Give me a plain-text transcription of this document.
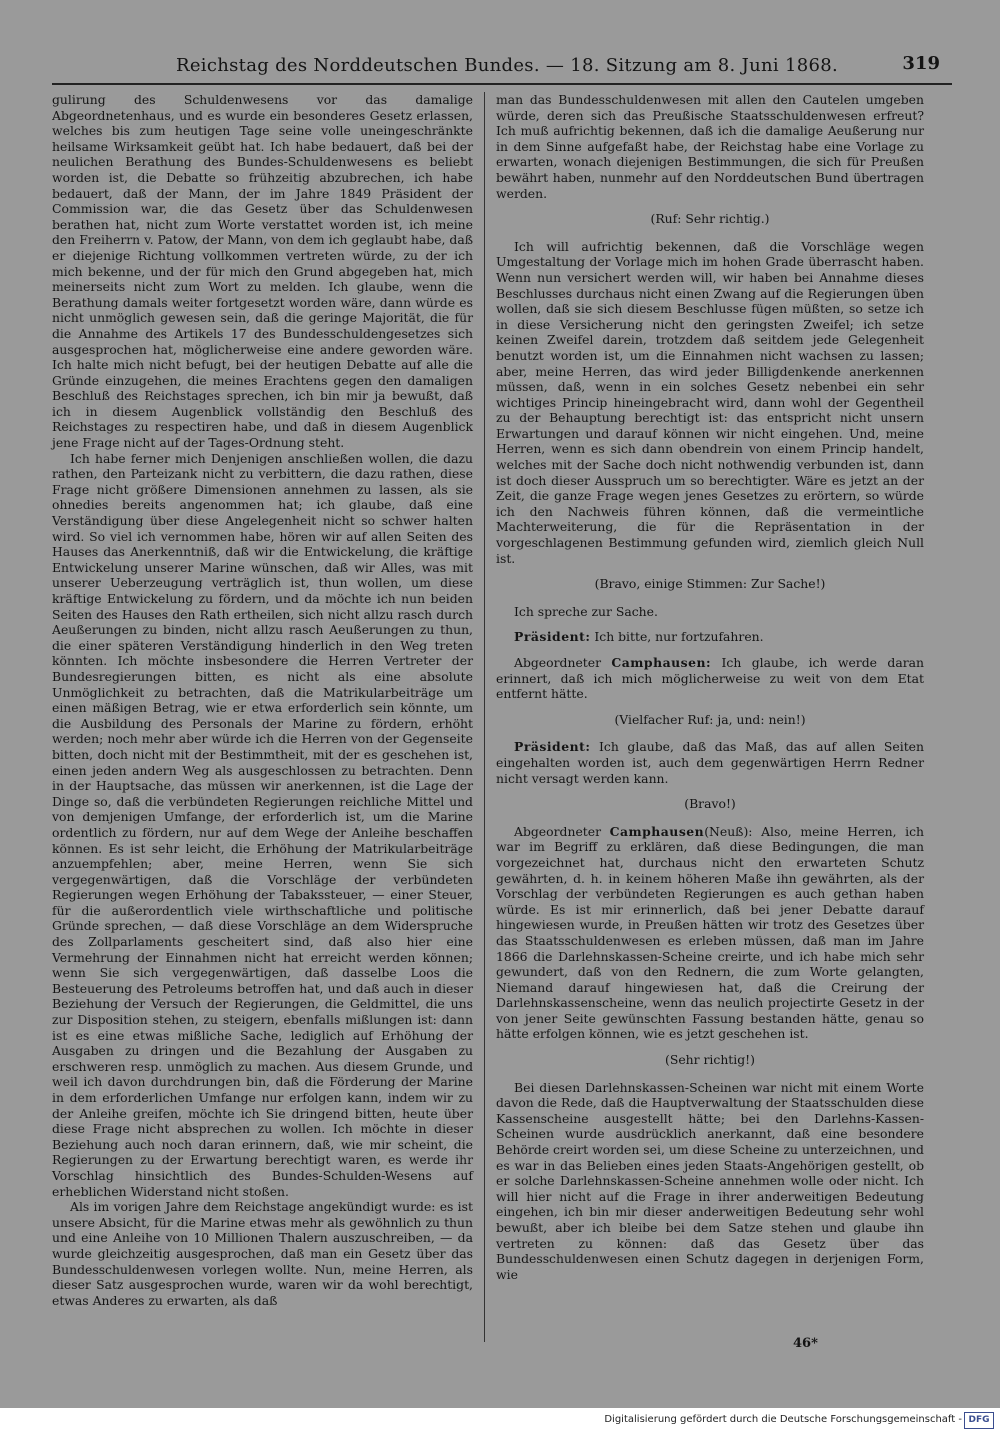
Reichstag des Norddeutschen Bundes. — 18. Sitzung am 8. Juni 1868.	319

gulirung des Schuldenwesens vor das damalige Abgeordnetenhaus, und es wurde ein besonderes Gesetz erlassen, welches bis zum heutigen Tage seine volle uneingeschränkte heilsame Wirksamkeit geübt hat. Ich habe bedauert, daß bei der neulichen Berathung des Bundes-Schuldenwesens es beliebt worden ist, die Debatte so frühzeitig abzubrechen, ich habe bedauert, daß der Mann, der im Jahre 1849 Präsident der Commission war, die das Gesetz über das Schuldenwesen berathen hat, nicht zum Worte verstattet worden ist, ich meine den Freiherrn v. Patow, der Mann, von dem ich geglaubt habe, daß er diejenige Richtung vollkommen vertreten würde, zu der ich mich bekenne, und der für mich den Grund abgegeben hat, mich meinerseits nicht zum Wort zu melden. Ich glaube, wenn die Berathung damals weiter fortgesetzt worden wäre, dann würde es nicht unmöglich gewesen sein, daß die geringe Majorität, die für die Annahme des Artikels 17 des Bundesschuldengesetzes sich ausgesprochen hat, möglicherweise eine andere geworden wäre. Ich halte mich nicht befugt, bei der heutigen Debatte auf alle die Gründe einzugehen, die meines Erachtens gegen den damaligen Beschluß des Reichstages sprechen, ich bin mir ja bewußt, daß ich in diesem Augenblick vollständig den Beschluß des Reichstages zu respectiren habe, und daß in diesem Augenblick jene Frage nicht auf der Tages-Ordnung steht.

Ich habe ferner mich Denjenigen anschließen wollen, die dazu rathen, den Parteizank nicht zu verbittern, die dazu rathen, diese Frage nicht größere Dimensionen annehmen zu lassen, als sie ohnedies bereits angenommen hat; ich glaube, daß eine Verständigung über diese Angelegenheit nicht so schwer halten wird. So viel ich vernommen habe, hören wir auf allen Seiten des Hauses das Anerkenntniß, daß wir die Entwickelung, die kräftige Entwickelung unserer Marine wünschen, daß wir Alles, was mit unserer Ueberzeugung verträglich ist, thun wollen, um diese kräftige Entwickelung zu fördern, und da möchte ich nun beiden Seiten des Hauses den Rath ertheilen, sich nicht allzu rasch durch Aeußerungen zu binden, nicht allzu rasch Aeußerungen zu thun, die einer späteren Verständigung hinderlich in den Weg treten könnten. Ich möchte insbesondere die Herren Vertreter der Bundesregierungen bitten, es nicht als eine absolute Unmöglichkeit zu betrachten, daß die Matrikularbeiträge um einen mäßigen Betrag, wie er etwa erforderlich sein könnte, um die Ausbildung des Personals der Marine zu fördern, erhöht werden; noch mehr aber würde ich die Herren von der Gegenseite bitten, doch nicht mit der Bestimmtheit, mit der es geschehen ist, einen jeden andern Weg als ausgeschlossen zu betrachten. Denn in der Hauptsache, das müssen wir anerkennen, ist die Lage der Dinge so, daß die verbündeten Regierungen reichliche Mittel und von demjenigen Umfange, der erforderlich ist, um die Marine ordentlich zu fördern, nur auf dem Wege der Anleihe beschaffen können. Es ist sehr leicht, die Erhöhung der Matrikularbeiträge anzuempfehlen; aber, meine Herren, wenn Sie sich vergegenwärtigen, daß die Vorschläge der verbündeten Regierungen wegen Erhöhung der Tabakssteuer, — einer Steuer, für die außerordentlich viele wirthschaftliche und politische Gründe sprechen, — daß diese Vorschläge an dem Widerspruche des Zollparlaments gescheitert sind, daß also hier eine Vermehrung der Einnahmen nicht hat erreicht werden können; wenn Sie sich vergegenwärtigen, daß dasselbe Loos die Besteuerung des Petroleums betroffen hat, und daß auch in dieser Beziehung der Versuch der Regierungen, die Geldmittel, die uns zur Disposition stehen, zu steigern, ebenfalls mißlungen ist: dann ist es eine etwas mißliche Sache, lediglich auf Erhöhung der Ausgaben zu dringen und die Bezahlung der Ausgaben zu erschweren resp. unmöglich zu machen. Aus diesem Grunde, und weil ich davon durchdrungen bin, daß die Förderung der Marine in dem erforderlichen Umfange nur erfolgen kann, indem wir zu der Anleihe greifen, möchte ich Sie dringend bitten, heute über diese Frage nicht absprechen zu wollen. Ich möchte in dieser Beziehung auch noch daran erinnern, daß, wie mir scheint, die Regierungen zu der Erwartung berechtigt waren, es werde ihr Vorschlag hinsichtlich des Bundes-Schulden-Wesens auf erheblichen Widerstand nicht stoßen.

Als im vorigen Jahre dem Reichstage angekündigt wurde: es ist unsere Absicht, für die Marine etwas mehr als gewöhnlich zu thun und eine Anleihe von 10 Millionen Thalern auszuschreiben, — da wurde gleichzeitig ausgesprochen, daß man ein Gesetz über das Bundesschuldenwesen vorlegen wollte. Nun, meine Herren, als dieser Satz ausgesprochen wurde, waren wir da wohl berechtigt, etwas Anderes zu erwarten, als daß

man das Bundesschuldenwesen mit allen den Cautelen umgeben würde, deren sich das Preußische Staatsschuldenwesen erfreut? Ich muß aufrichtig bekennen, daß ich die damalige Aeußerung nur in dem Sinne aufgefaßt habe, der Reichstag habe eine Vorlage zu erwarten, wonach diejenigen Bestimmungen, die sich für Preußen bewährt haben, nunmehr auf den Norddeutschen Bund übertragen werden.

(Ruf: Sehr richtig.)

Ich will aufrichtig bekennen, daß die Vorschläge wegen Umgestaltung der Vorlage mich im hohen Grade überrascht haben. Wenn nun versichert werden will, wir haben bei Annahme dieses Beschlusses durchaus nicht einen Zwang auf die Regierungen üben wollen, daß sie sich diesem Beschlusse fügen müßten, so setze ich in diese Versicherung nicht den geringsten Zweifel; ich setze keinen Zweifel darein, trotzdem daß seitdem jede Gelegenheit benutzt worden ist, um die Einnahmen nicht wachsen zu lassen; aber, meine Herren, das wird jeder Billigdenkende anerkennen müssen, daß, wenn in ein solches Gesetz nebenbei ein sehr wichtiges Princip hineingebracht wird, dann wohl der Gegentheil zu der Behauptung berechtigt ist: das entspricht nicht unsern Erwartungen und darauf können wir nicht eingehen. Und, meine Herren, wenn es sich dann obendrein von einem Princip handelt, welches mit der Sache doch nicht nothwendig verbunden ist, dann ist doch dieser Ausspruch um so berechtigter. Wäre es jetzt an der Zeit, die ganze Frage wegen jenes Gesetzes zu erörtern, so würde ich den Nachweis führen können, daß die vermeintliche Machterweiterung, die für die Repräsentation in der vorgeschlagenen Bestimmung gefunden wird, ziemlich gleich Null ist.

(Bravo, einige Stimmen: Zur Sache!)

Ich spreche zur Sache.

Präsident: Ich bitte, nur fortzufahren.

Abgeordneter Camphausen: Ich glaube, ich werde daran erinnert, daß ich mich möglicherweise zu weit von dem Etat entfernt hätte.

(Vielfacher Ruf: ja, und: nein!)

Präsident: Ich glaube, daß das Maß, das auf allen Seiten eingehalten worden ist, auch dem gegenwärtigen Herrn Redner nicht versagt werden kann.

(Bravo!)

Abgeordneter Camphausen(Neuß): Also, meine Herren, ich war im Begriff zu erklären, daß diese Bedingungen, die man vorgezeichnet hat, durchaus nicht den erwarteten Schutz gewährten, d. h. in keinem höheren Maße ihn gewährten, als der Vorschlag der verbündeten Regierungen es auch gethan haben würde. Es ist mir erinnerlich, daß bei jener Debatte darauf hingewiesen wurde, in Preußen hätten wir trotz des Gesetzes über das Staatsschuldenwesen es erleben müssen, daß man im Jahre 1866 die Darlehnskassen-Scheine creirte, und ich habe mich sehr gewundert, daß von den Rednern, die zum Worte gelangten, Niemand darauf hingewiesen hat, daß die Creirung der Darlehnskassenscheine, wenn das neulich projectirte Gesetz in der von jener Seite gewünschten Fassung bestanden hätte, genau so hätte erfolgen können, wie es jetzt geschehen ist.

(Sehr richtig!)

Bei diesen Darlehnskassen-Scheinen war nicht mit einem Worte davon die Rede, daß die Hauptverwaltung der Staatsschulden diese Kassenscheine ausgestellt hätte; bei den Darlehns-Kassen-Scheinen wurde ausdrücklich anerkannt, daß eine besondere Behörde creirt worden sei, um diese Scheine zu unterzeichnen, und es war in das Belieben eines jeden Staats-Angehörigen gestellt, ob er solche Darlehnskassen-Scheine annehmen wolle oder nicht. Ich will hier nicht auf die Frage in ihrer anderweitigen Bedeutung eingehen, ich bin mir dieser anderweitigen Bedeutung sehr wohl bewußt, aber ich bleibe bei dem Satze stehen und glaube ihn vertreten zu können: daß das Gesetz über das Bundesschuldenwesen einen Schutz dagegen in derjenigen Form, wie

46*
Digitalisierung gefördert durch die Deutsche Forschungsgemeinschaft - DFG
